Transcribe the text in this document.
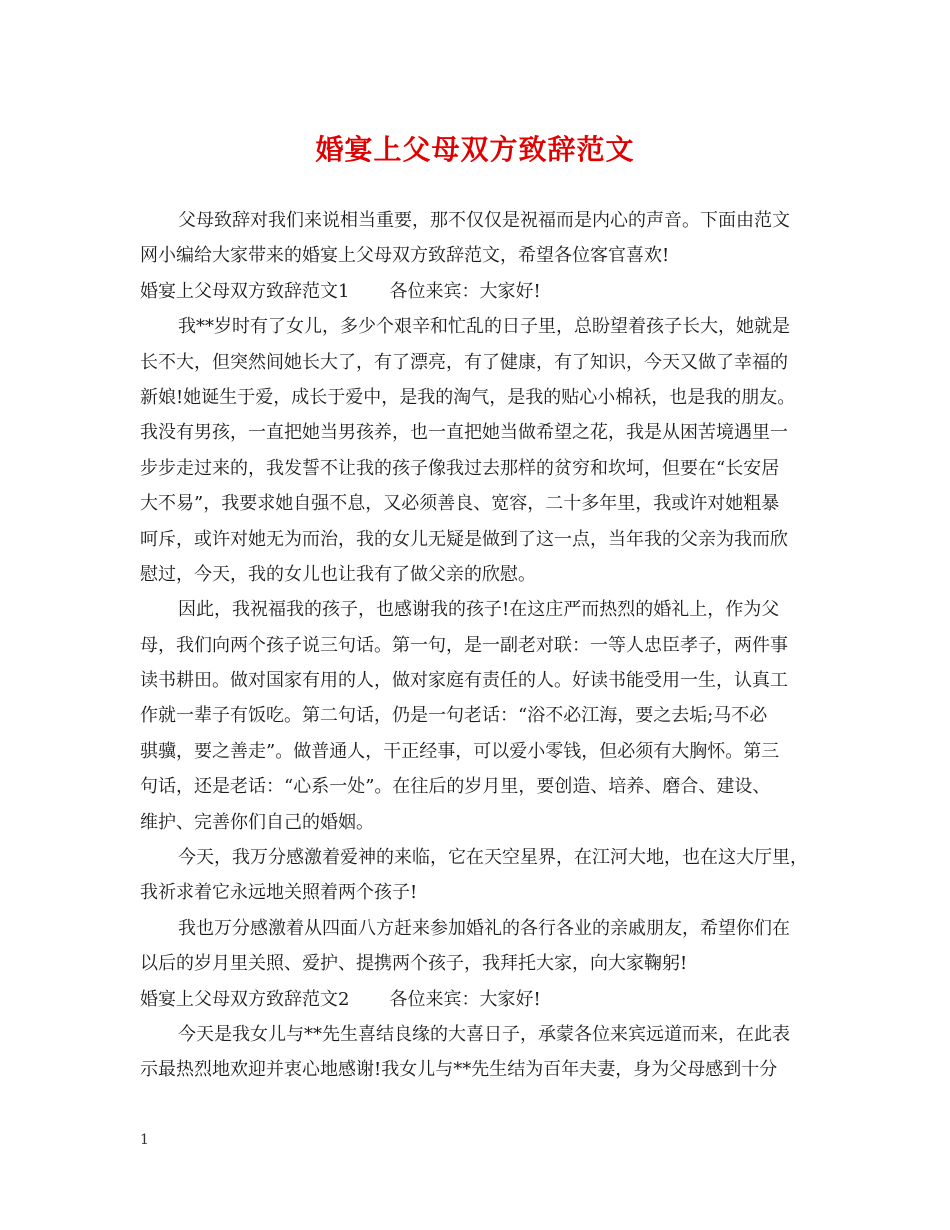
婚宴上父母双方致辞范文
父母致辞对我们来说相当重要，那不仅仅是祝福而是内心的声音。下面由范文
网小编给大家带来的婚宴上父母双方致辞范文，希望各位客官喜欢!
婚宴上父母双方致辞范文1 各位来宾：大家好!
我**岁时有了女儿，多少个艰辛和忙乱的日子里，总盼望着孩子长大，她就是
长不大，但突然间她长大了，有了漂亮，有了健康，有了知识，今天又做了幸福的
新娘!她诞生于爱，成长于爱中，是我的淘气，是我的贴心小棉袄，也是我的朋友。
我没有男孩，一直把她当男孩养，也一直把她当做希望之花，我是从困苦境遇里一
步步走过来的，我发誓不让我的孩子像我过去那样的贫穷和坎坷，但要在“长安居
大不易”，我要求她自强不息，又必须善良、宽容，二十多年里，我或许对她粗暴
呵斥，或许对她无为而治，我的女儿无疑是做到了这一点，当年我的父亲为我而欣
慰过，今天，我的女儿也让我有了做父亲的欣慰。
因此，我祝福我的孩子，也感谢我的孩子!在这庄严而热烈的婚礼上，作为父
母，我们向两个孩子说三句话。第一句，是一副老对联：一等人忠臣孝子，两件事
读书耕田。做对国家有用的人，做对家庭有责任的人。好读书能受用一生，认真工
作就一辈子有饭吃。第二句话，仍是一句老话：“浴不必江海，要之去垢;马不必
骐骥，要之善走”。做普通人，干正经事，可以爱小零钱，但必须有大胸怀。第三
句话，还是老话：“心系一处”。在往后的岁月里，要创造、培养、磨合、建设、
维护、完善你们自己的婚姻。
今天，我万分感激着爱神的来临，它在天空星界，在江河大地，也在这大厅里，
我祈求着它永远地关照着两个孩子!
我也万分感激着从四面八方赶来参加婚礼的各行各业的亲戚朋友，希望你们在
以后的岁月里关照、爱护、提携两个孩子，我拜托大家，向大家鞠躬!
婚宴上父母双方致辞范文2 各位来宾：大家好!
今天是我女儿与**先生喜结良缘的大喜日子，承蒙各位来宾远道而来，在此表
示最热烈地欢迎并衷心地感谢!我女儿与**先生结为百年夫妻，身为父母感到十分
1
